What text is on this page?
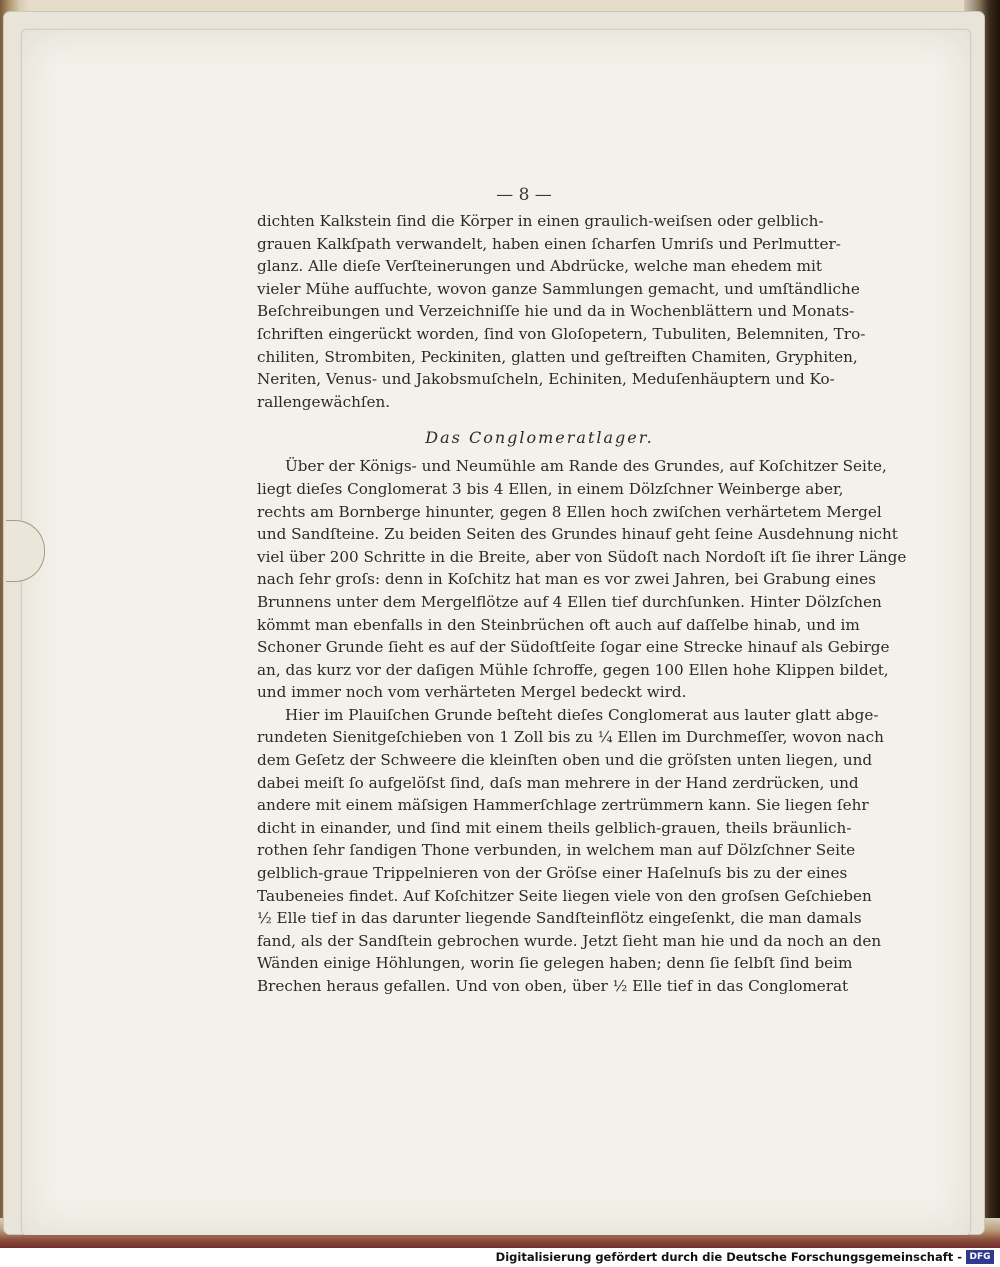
— 8 —
dichten Kalkstein ſind die Körper in einen graulich-weiſsen oder gelblich-
grauen Kalkſpath verwandelt, haben einen ſcharfen Umriſs und Perlmutter-
glanz. Alle dieſe Verſteinerungen und Abdrücke, welche man ehedem mit
vieler Mühe aufſuchte, wovon ganze Sammlungen gemacht, und umſtändliche
Beſchreibungen und Verzeichniſſe hie und da in Wochenblättern und Monats-
ſchriften eingerückt worden, ſind von Gloſopetern, Tubuliten, Belemniten, Tro-
chiliten, Strombiten, Peckiniten, glatten und geſtreiften Chamiten, Gryphiten,
Neriten, Venus- und Jakobsmuſcheln, Echiniten, Meduſenhäuptern und Ko-
rallengewächſen.
Das Conglomeratlager.
Über der Königs- und Neumühle am Rande des Grundes, auf Koſchitzer Seite,
liegt dieſes Conglomerat 3 bis 4 Ellen, in einem Dölzſchner Weinberge aber,
rechts am Bornberge hinunter, gegen 8 Ellen hoch zwiſchen verhärtetem Mergel
und Sandſteine. Zu beiden Seiten des Grundes hinauf geht ſeine Ausdehnung nicht
viel über 200 Schritte in die Breite, aber von Südoſt nach Nordoſt iſt ſie ihrer Länge
nach ſehr groſs: denn in Koſchitz hat man es vor zwei Jahren, bei Grabung eines
Brunnens unter dem Mergelflötze auf 4 Ellen tief durchſunken. Hinter Dölzſchen
kömmt man ebenfalls in den Steinbrüchen oft auch auf daſſelbe hinab, und im
Schoner Grunde ſieht es auf der Südoſtſeite ſogar eine Strecke hinauf als Gebirge
an, das kurz vor der daſigen Mühle ſchroffe, gegen 100 Ellen hohe Klippen bildet,
und immer noch vom verhärteten Mergel bedeckt wird.
Hier im Plauiſchen Grunde beſteht dieſes Conglomerat aus lauter glatt abge-
rundeten Sienitgeſchieben von 1 Zoll bis zu ¼ Ellen im Durchmeſſer, wovon nach
dem Geſetz der Schweere die kleinſten oben und die gröſsten unten liegen, und
dabei meiſt ſo aufgelöſst ſind, daſs man mehrere in der Hand zerdrücken, und
andere mit einem mäſsigen Hammerſchlage zertrümmern kann. Sie liegen ſehr
dicht in einander, und ſind mit einem theils gelblich-grauen, theils bräunlich-
rothen ſehr ſandigen Thone verbunden, in welchem man auf Dölzſchner Seite
gelblich-graue Trippelnieren von der Gröſse einer Haſelnuſs bis zu der eines
Taubeneies findet. Auf Koſchitzer Seite liegen viele von den groſsen Geſchieben
½ Elle tief in das darunter liegende Sandſteinflötz eingeſenkt, die man damals
fand, als der Sandſtein gebrochen wurde. Jetzt ſieht man hie und da noch an den
Wänden einige Höhlungen, worin ſie gelegen haben; denn ſie ſelbſt ſind beim
Brechen heraus gefallen. Und von oben, über ½ Elle tief in das Conglomerat
Digitalisierung gefördert durch die Deutsche Forschungsgemeinschaft - DFG
